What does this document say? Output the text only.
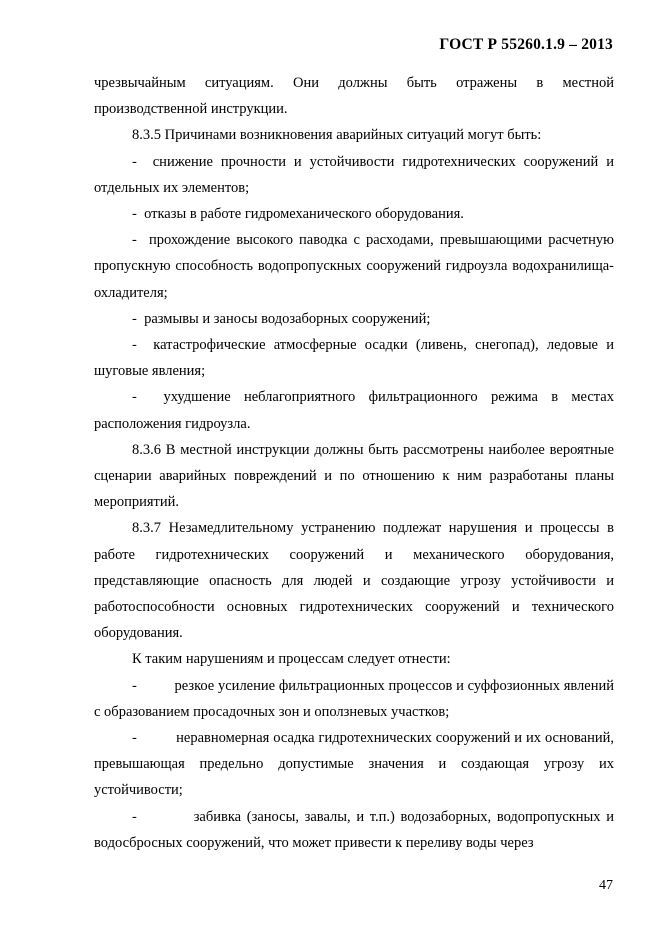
ГОСТ Р 55260.1.9 – 2013

чрезвычайным ситуациям. Они должны быть отражены в местной производственной инструкции.

8.3.5 Причинами возникновения аварийных ситуаций могут быть:

-  снижение прочности и устойчивости гидротехнических сооружений и отдельных их элементов;

-  отказы в работе гидромеханического оборудования.

-  прохождение высокого паводка с расходами, превышающими расчетную пропускную способность водопропускных сооружений гидроузла водохранилища-охладителя;

-  размывы и заносы водозаборных сооружений;

-  катастрофические атмосферные осадки (ливень, снегопад), ледовые и шуговые явления;

-  ухудшение неблагоприятного фильтрационного режима в местах расположения гидроузла.

8.3.6 В местной инструкции должны быть рассмотрены наиболее вероятные сценарии аварийных повреждений и по отношению к ним разработаны планы мероприятий.

8.3.7 Незамедлительному устранению подлежат нарушения и процессы в работе гидротехнических сооружений и механического оборудования, представляющие опасность для людей и создающие угрозу устойчивости и работоспособности основных гидротехнических сооружений и технического оборудования.

К таким нарушениям и процессам следует отнести:

-          резкое усиление фильтрационных процессов и суффозионных явлений с образованием просадочных зон и оползневых участков;

-          неравномерная осадка гидротехнических сооружений и их оснований, превышающая предельно допустимые значения и создающая угрозу их устойчивости;

-          забивка (заносы, завалы, и т.п.) водозаборных, водопропускных и водосбросных сооружений, что может привести к переливу воды через

47
